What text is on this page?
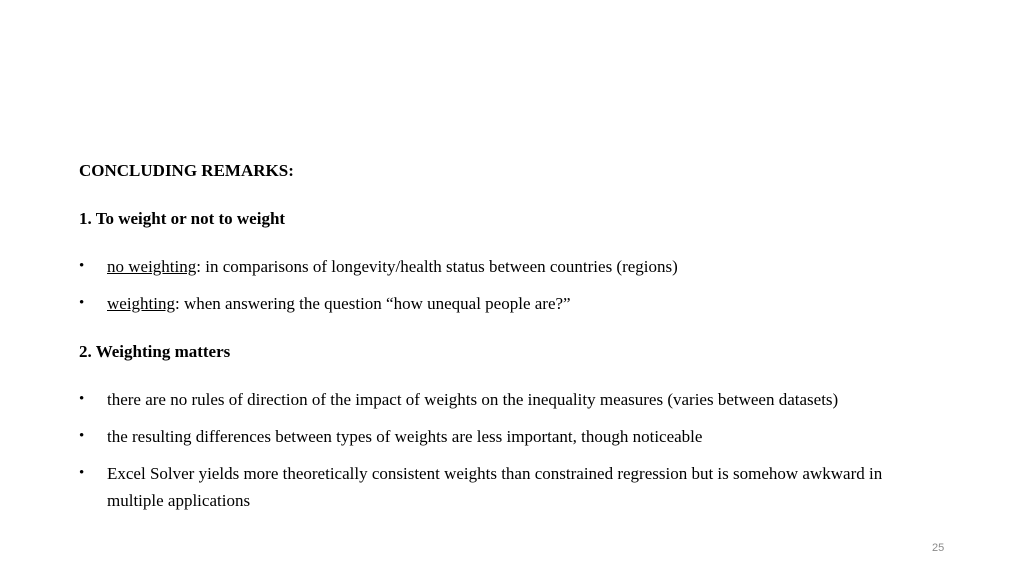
CONCLUDING REMARKS:
1. To weight or not to weight
• no weighting: in comparisons of longevity/health status between countries (regions)
• weighting: when answering the question “how unequal people are?”
2. Weighting matters
• there are no rules of direction of the impact of weights on the inequality measures (varies between datasets)
• the resulting differences between types of weights are less important, though noticeable
• Excel Solver yields more theoretically consistent weights than constrained regression but is somehow awkward in multiple applications
25
